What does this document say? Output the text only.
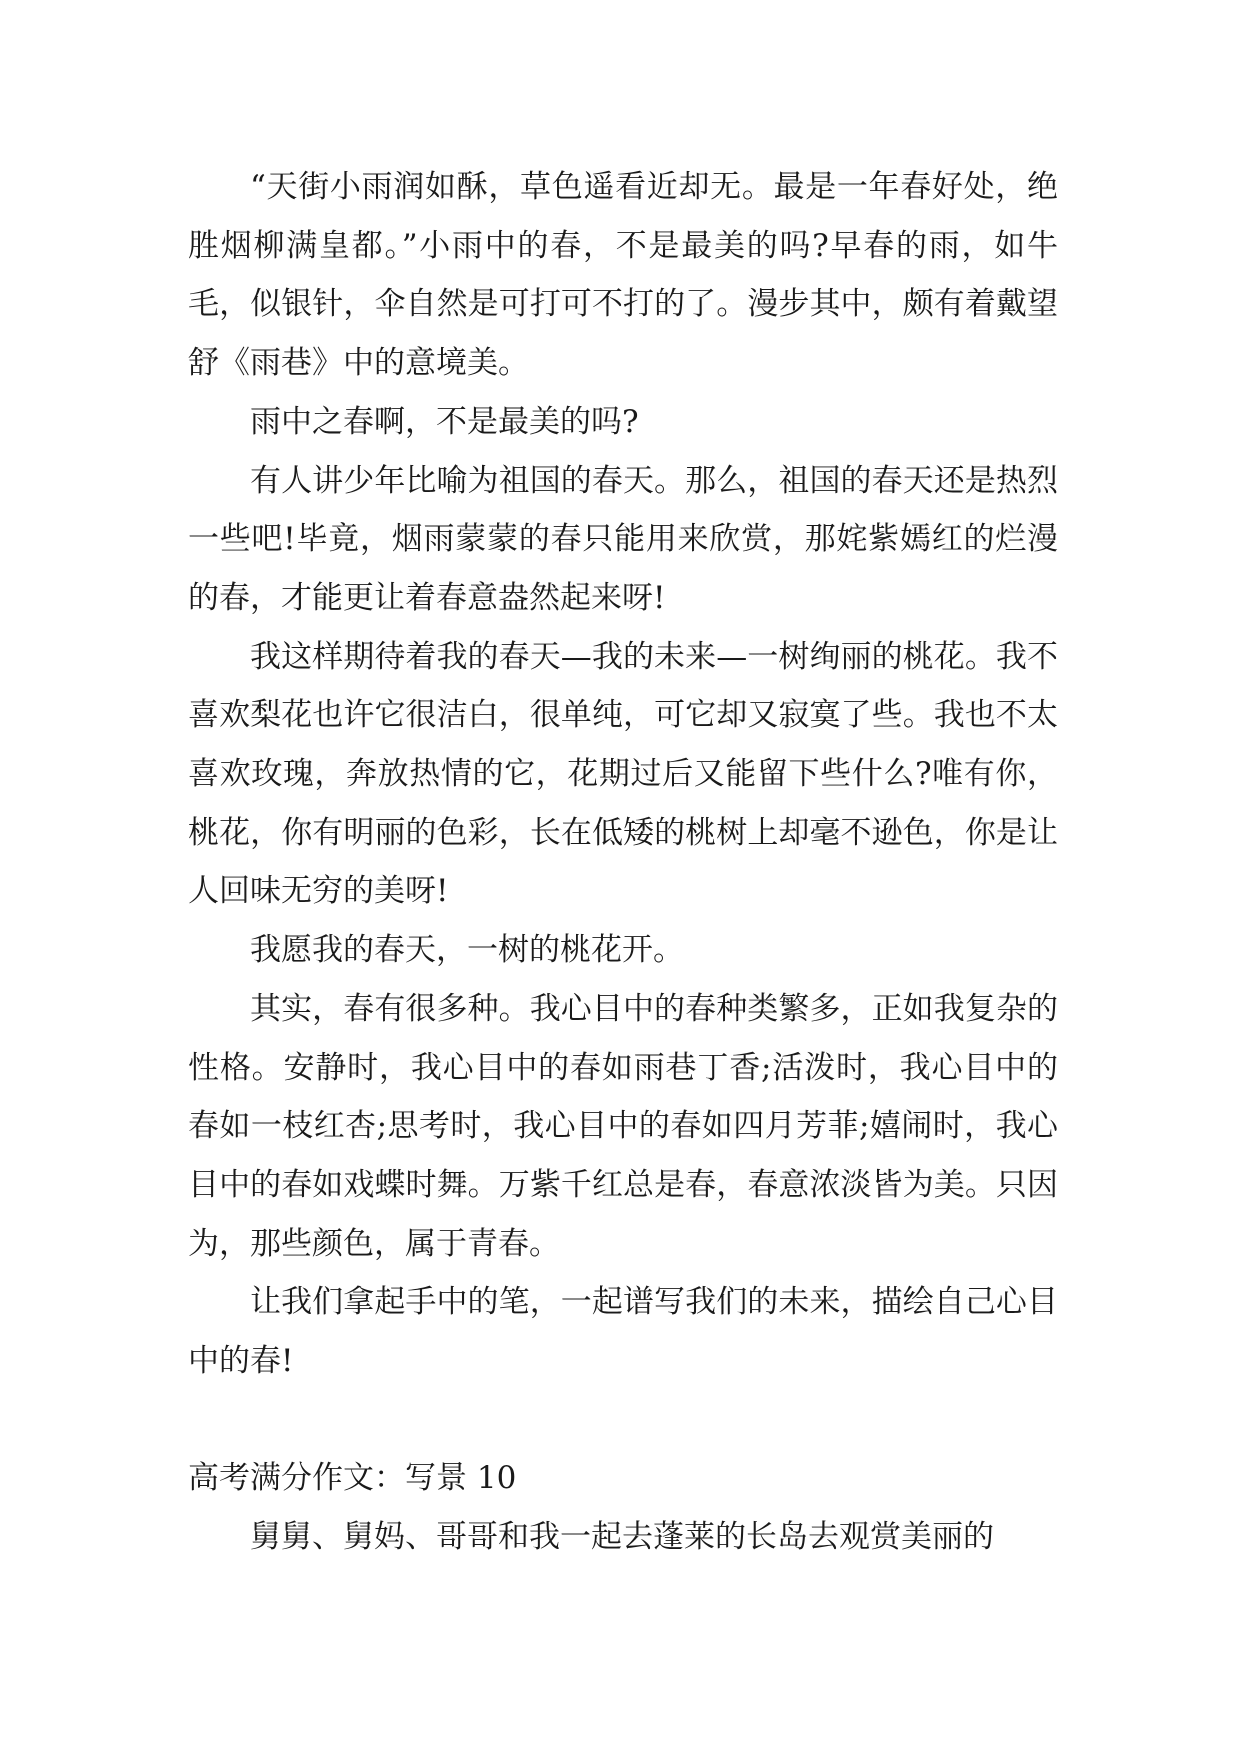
“天街小雨润如酥，草色遥看近却无。最是一年春好处，绝胜烟柳满皇都。”小雨中的春，不是最美的吗?早春的雨，如牛毛，似银针，伞自然是可打可不打的了。漫步其中，颇有着戴望舒《雨巷》中的意境美。

雨中之春啊，不是最美的吗?

有人讲少年比喻为祖国的春天。那么，祖国的春天还是热烈一些吧!毕竟，烟雨蒙蒙的春只能用来欣赏，那姹紫嫣红的烂漫的春，才能更让着春意盎然起来呀!

我这样期待着我的春天—我的未来—一树绚丽的桃花。我不喜欢梨花也许它很洁白，很单纯，可它却又寂寞了些。我也不太喜欢玫瑰，奔放热情的它，花期过后又能留下些什么?唯有你，桃花，你有明丽的色彩，长在低矮的桃树上却毫不逊色，你是让人回味无穷的美呀!

我愿我的春天，一树的桃花开。

其实，春有很多种。我心目中的春种类繁多，正如我复杂的性格。安静时，我心目中的春如雨巷丁香;活泼时，我心目中的春如一枝红杏;思考时，我心目中的春如四月芳菲;嬉闹时，我心目中的春如戏蝶时舞。万紫千红总是春，春意浓淡皆为美。只因为，那些颜色，属于青春。

让我们拿起手中的笔，一起谱写我们的未来，描绘自己心目中的春!

高考满分作文：写景 10

舅舅、舅妈、哥哥和我一起去蓬莱的长岛去观赏美丽的
